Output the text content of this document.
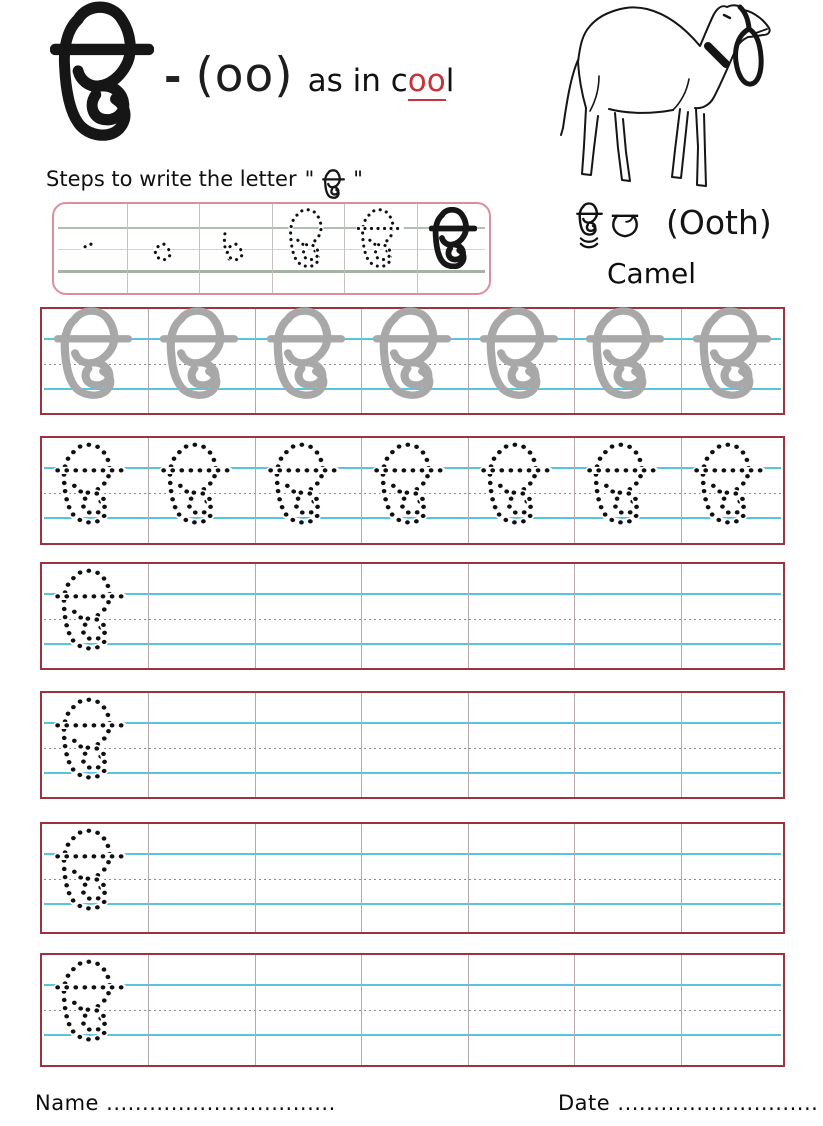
- (oo) as in cool
Steps to write the letter " "
(Ooth)
Camel
Name ................................	Date ............................
